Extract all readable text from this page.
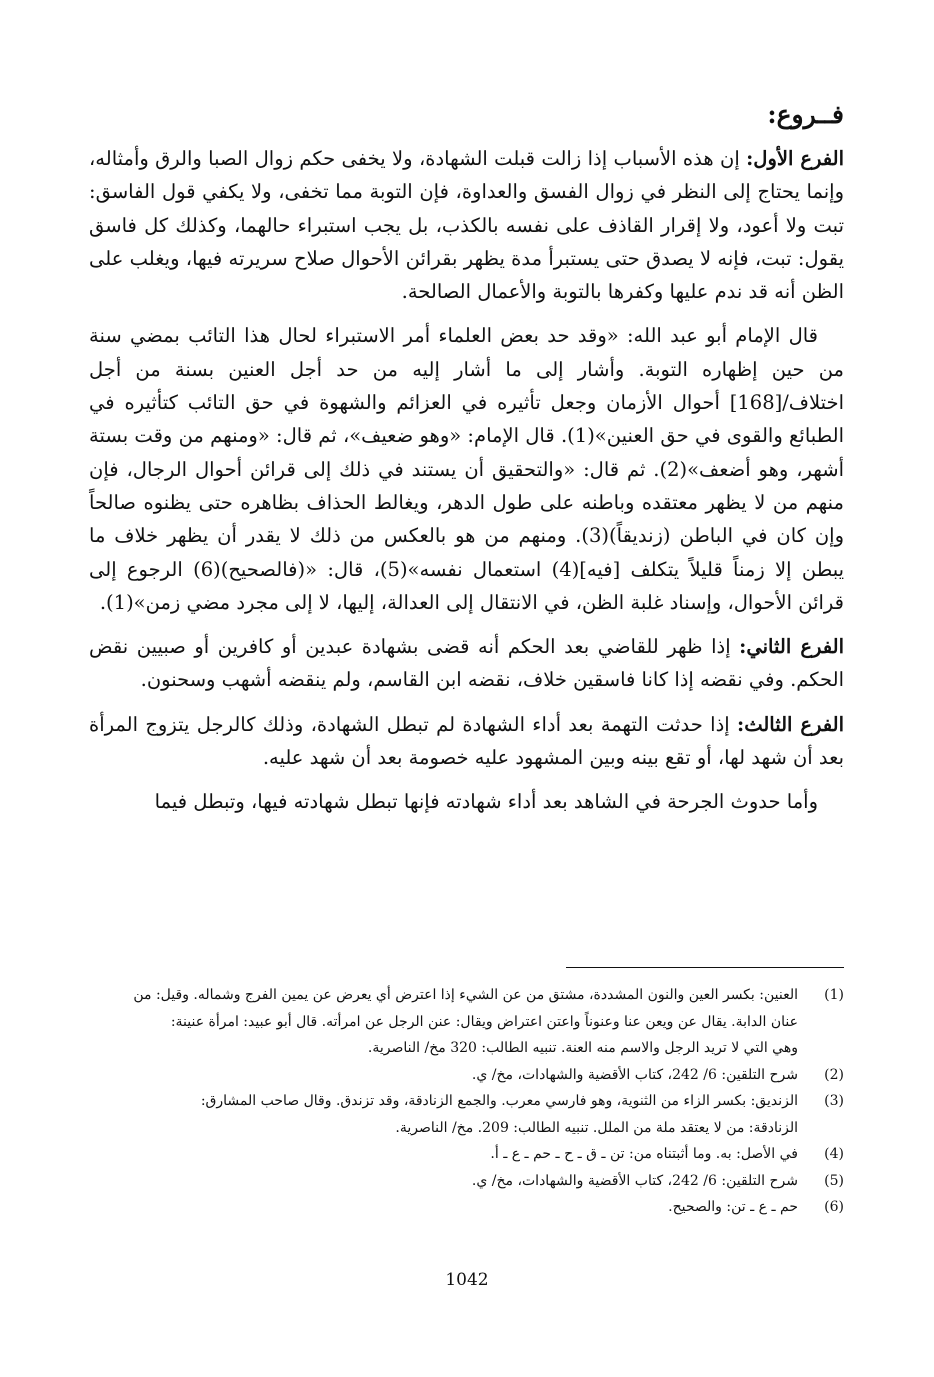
فــروع:

الفرع الأول: إن هذه الأسباب إذا زالت قبلت الشهادة، ولا يخفى حكم زوال الصبا والرق وأمثاله، وإنما يحتاج إلى النظر في زوال الفسق والعداوة، فإن التوبة مما تخفى، ولا يكفي قول الفاسق: تبت ولا أعود، ولا إقرار القاذف على نفسه بالكذب، بل يجب استبراء حالهما، وكذلك كل فاسق يقول: تبت، فإنه لا يصدق حتى يستبرأ مدة يظهر بقرائن الأحوال صلاح سريرته فيها، ويغلب على الظن أنه قد ندم عليها وكفرها بالتوبة والأعمال الصالحة.

قال الإمام أبو عبد الله: «وقد حد بعض العلماء أمر الاستبراء لحال هذا التائب بمضي سنة من حين إظهاره التوبة. وأشار إلى ما أشار إليه من حد أجل العنين بسنة من أجل اختلاف/[168] أحوال الأزمان وجعل تأثيره في العزائم والشهوة في حق التائب كتأثيره في الطبائع والقوى في حق العنين»(1). قال الإمام: «وهو ضعيف»، ثم قال: «ومنهم من وقت بستة أشهر، وهو أضعف»(2). ثم قال: «والتحقيق أن يستند في ذلك إلى قرائن أحوال الرجال، فإن منهم من لا يظهر معتقده وباطنه على طول الدهر، ويغالط الحذاف بظاهره حتى يظنوه صالحاً وإن كان في الباطن (زنديقاً)(3). ومنهم من هو بالعكس من ذلك لا يقدر أن يظهر خلاف ما يبطن إلا زمناً قليلاً يتكلف [فيه](4) استعمال نفسه»(5)، قال: «(فالصحيح)(6) الرجوع إلى قرائن الأحوال، وإسناد غلبة الظن، في الانتقال إلى العدالة، إليها، لا إلى مجرد مضي زمن»(1).

الفرع الثاني: إذا ظهر للقاضي بعد الحكم أنه قضى بشهادة عبدين أو كافرين أو صبيين نقض الحكم. وفي نقضه إذا كانا فاسقين خلاف، نقضه ابن القاسم، ولم ينقضه أشهب وسحنون.

الفرع الثالث: إذا حدثت التهمة بعد أداء الشهادة لم تبطل الشهادة، وذلك كالرجل يتزوج المرأة بعد أن شهد لها، أو تقع بينه وبين المشهود عليه خصومة بعد أن شهد عليه.

وأما حدوث الجرحة في الشاهد بعد أداء شهادته فإنها تبطل شهادته فيها، وتبطل فيما

(1)
العنين: بكسر العين والنون المشددة، مشتق من عن الشيء إذا اعترض أي يعرض عن يمين الفرج وشماله. وقيل: من
عنان الدابة. يقال عن ويعن عنا وعنوناً واعتن اعتراض ويقال: عنن الرجل عن امرأته. قال أبو عبيد: امرأة عنينة:
وهي التي لا تريد الرجل والاسم منه العنة. تنبيه الطالب: 320 مخ/ الناصرية.
(2)
شرح التلقين: 6/ 242، كتاب الأقضية والشهادات، مخ/ ي.
(3)
الزنديق: بكسر الزاء من الثنوية، وهو فارسي معرب. والجمع الزنادقة، وقد تزندق. وقال صاحب المشارق:
الزنادقة: من لا يعتقد ملة من الملل. تنبيه الطالب: 209. مخ/ الناصرية.
(4)
في الأصل: به. وما أثبتناه من: تن ـ ق ـ ح ـ حم ـ ع ـ أ.
(5)
شرح التلقين: 6/ 242، كتاب الأقضية والشهادات، مخ/ ي.
(6)
حم ـ ع ـ تن: والصحيح.
1042
